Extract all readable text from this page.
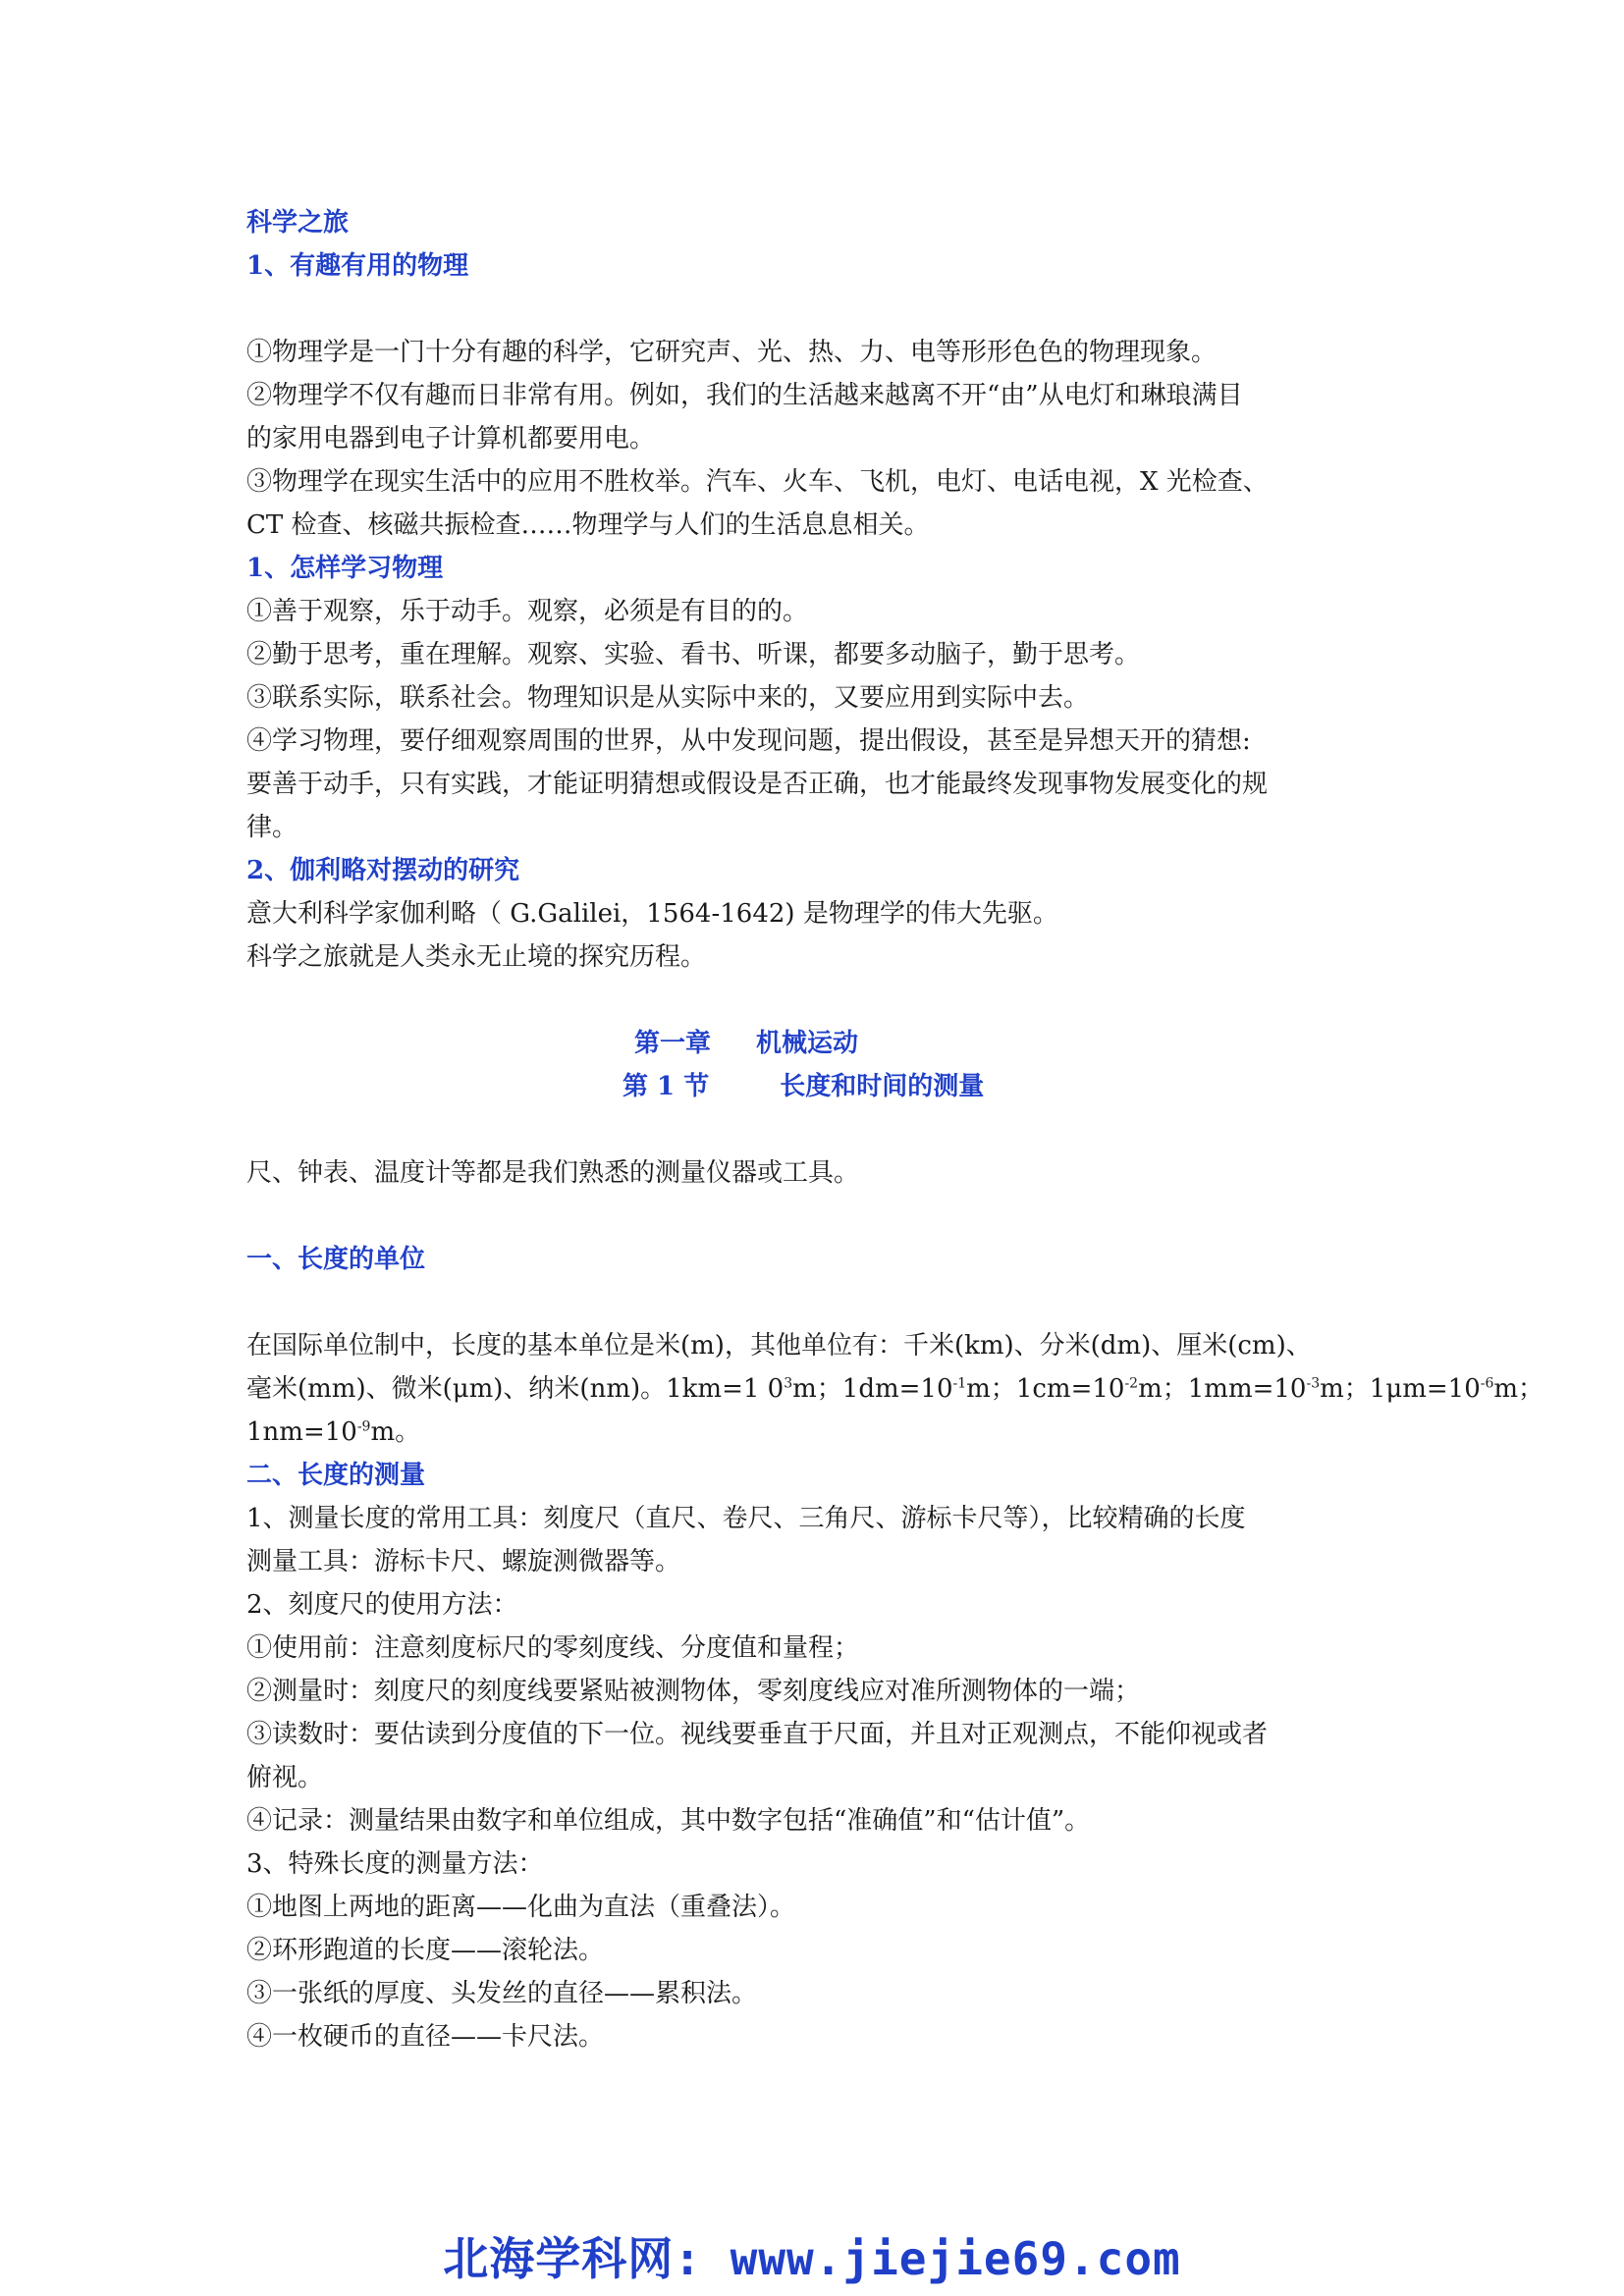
科学之旅
1、有趣有用的物理
①物理学是一门十分有趣的科学，它研究声、光、热、力、电等形形色色的物理现象。
②物理学不仅有趣而日非常有用。例如，我们的生活越来越离不开“由”从电灯和琳琅满目
的家用电器到电子计算机都要用电。
③物理学在现实生活中的应用不胜枚举。汽车、火车、飞机，电灯、电话电视，X 光检查、
CT 检查、核磁共振检查……物理学与人们的生活息息相关。
1、怎样学习物理
①善于观察，乐于动手。观察，必须是有目的的。
②勤于思考，重在理解。观察、实验、看书、听课，都要多动脑子，勤于思考。
③联系实际，联系社会。物理知识是从实际中来的，又要应用到实际中去。
④学习物理，要仔细观察周围的世界，从中发现问题，提出假设，甚至是异想天开的猜想:
要善于动手，只有实践，才能证明猜想或假设是否正确，也才能最终发现事物发展变化的规
律。
2、伽利略对摆动的研究
意大利科学家伽利略（ G.Galilei，1564-1642) 是物理学的伟大先驱。
科学之旅就是人类永无止境的探究历程。
第一章 机械运动
第 1 节	长度和时间的测量
尺、钟表、温度计等都是我们熟悉的测量仪器或工具。
一、长度的单位
在国际单位制中，长度的基本单位是米(m)，其他单位有：千米(km)、分米(dm)、厘米(cm)、
毫米(mm)、微米(μm)、纳米(nm)。1km=1 $0^3m$；$1dm=10^{-1}m$；$1cm=10^{-2}m$；$1mm=10^{-3}m$；$1\mu m=10^{-6}m$；
$1nm=10^{-9}m$。
二、长度的测量
1、测量长度的常用工具：刻度尺（直尺、卷尺、三角尺、游标卡尺等），比较精确的长度
测量工具：游标卡尺、螺旋测微器等。
2、刻度尺的使用方法：
①使用前：注意刻度标尺的零刻度线、分度值和量程；
②测量时：刻度尺的刻度线要紧贴被测物体，零刻度线应对准所测物体的一端；
③读数时：要估读到分度值的下一位。视线要垂直于尺面，并且对正观测点，不能仰视或者
俯视。
④记录：测量结果由数字和单位组成，其中数字包括“准确值”和“估计值”。
3、特殊长度的测量方法：
①地图上两地的距离——化曲为直法（重叠法）。
②环形跑道的长度——滚轮法。
③一张纸的厚度、头发丝的直径——累积法。
④一枚硬币的直径——卡尺法。
北海学科网: www.jiejie69.com
